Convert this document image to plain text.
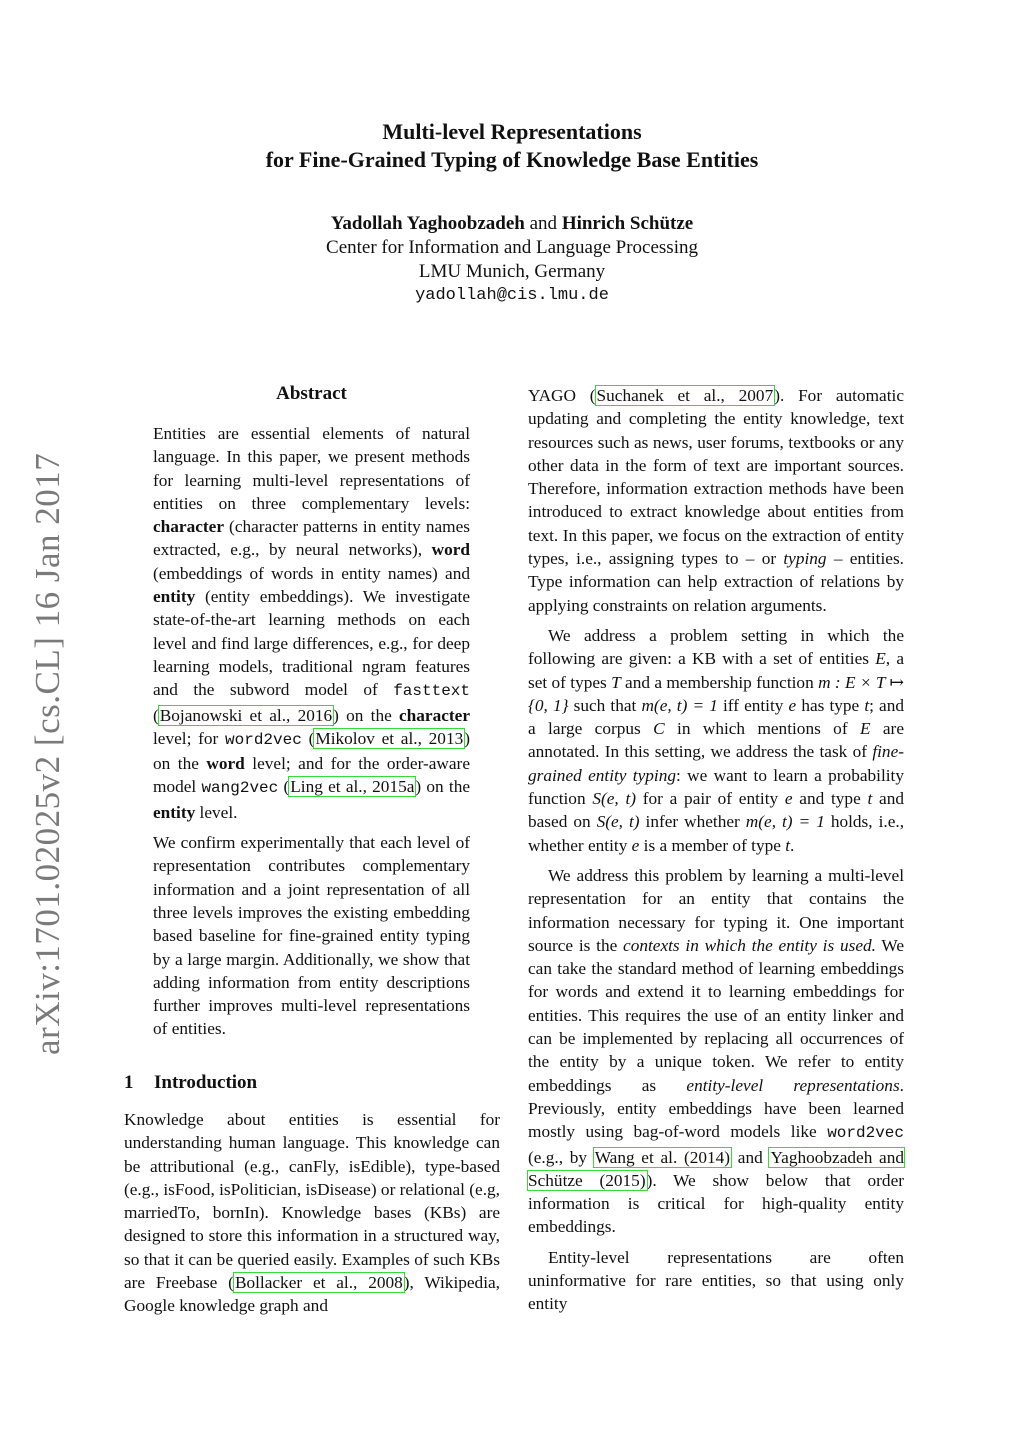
arXiv:1701.02025v2 [cs.CL] 16 Jan 2017
Multi-level Representations
for Fine-Grained Typing of Knowledge Base Entities
Yadollah Yaghoobzadeh and Hinrich Schütze
Center for Information and Language Processing
LMU Munich, Germany
yadollah@cis.lmu.de
Abstract

Entities are essential elements of natural language. In this paper, we present methods for learning multi-level representations of entities on three complementary levels: character (character patterns in entity names extracted, e.g., by neural networks), word (embeddings of words in entity names) and entity (entity embeddings). We investigate state-of-the-art learning methods on each level and find large differences, e.g., for deep learning models, traditional ngram features and the subword model of fasttext (Bojanowski et al., 2016) on the character level; for word2vec (Mikolov et al., 2013) on the word level; and for the order-aware model wang2vec (Ling et al., 2015a) on the entity level.

We confirm experimentally that each level of representation contributes complementary information and a joint representation of all three levels improves the existing embedding based baseline for fine-grained entity typing by a large margin. Additionally, we show that adding information from entity descriptions further improves multi-level representations of entities.

1 Introduction

Knowledge about entities is essential for understanding human language. This knowledge can be attributional (e.g., canFly, isEdible), type-based (e.g., isFood, isPolitician, isDisease) or relational (e.g, marriedTo, bornIn). Knowledge bases (KBs) are designed to store this information in a structured way, so that it can be queried easily. Examples of such KBs are Freebase (Bollacker et al., 2008), Wikipedia, Google knowledge graph and

YAGO (Suchanek et al., 2007). For automatic updating and completing the entity knowledge, text resources such as news, user forums, textbooks or any other data in the form of text are important sources. Therefore, information extraction methods have been introduced to extract knowledge about entities from text. In this paper, we focus on the extraction of entity types, i.e., assigning types to – or typing – entities. Type information can help extraction of relations by applying constraints on relation arguments.

We address a problem setting in which the following are given: a KB with a set of entities E, a set of types T and a membership function m : E × T ↦ {0, 1} such that m(e, t) = 1 iff entity e has type t; and a large corpus C in which mentions of E are annotated. In this setting, we address the task of fine-grained entity typing: we want to learn a probability function S(e, t) for a pair of entity e and type t and based on S(e, t) infer whether m(e, t) = 1 holds, i.e., whether entity e is a member of type t.

We address this problem by learning a multi-level representation for an entity that contains the information necessary for typing it. One important source is the contexts in which the entity is used. We can take the standard method of learning embeddings for words and extend it to learning embeddings for entities. This requires the use of an entity linker and can be implemented by replacing all occurrences of the entity by a unique token. We refer to entity embeddings as entity-level representations. Previously, entity embeddings have been learned mostly using bag-of-word models like word2vec (e.g., by Wang et al. (2014) and Yaghoobzadeh and Schütze (2015)). We show below that order information is critical for high-quality entity embeddings.

Entity-level representations are often uninformative for rare entities, so that using only entity
